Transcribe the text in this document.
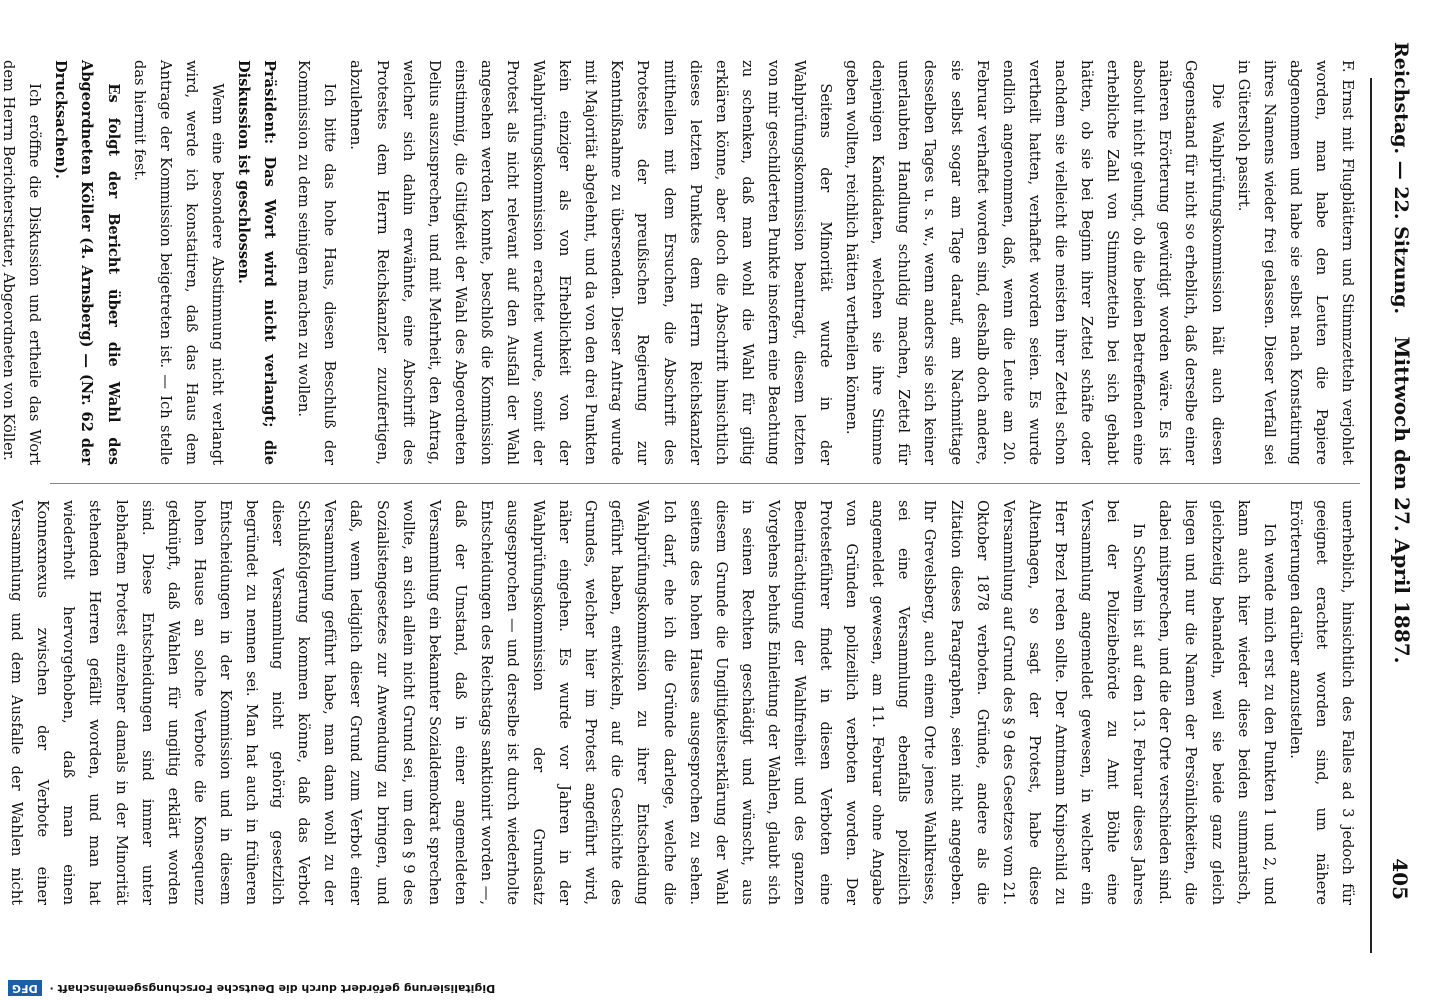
Reichstag. — 22. Sitzung.
Mittwoch den 27. April 1887.
405

F. Ernst mit Flugblättern und Stimmzetteln verjohlet worden, man habe den Leuten die Papiere abgenommen und habe sie selbst nach Konstatirung ihres Namens wieder frei gelassen. Dieser Verfall sei in Gütersloh passirt.

Die Wahlprüfungskommission hält auch diesen Gegenstand für nicht so erheblich, daß derselbe einer näheren Erörterung gewürdigt worden wäre. Es ist absolut nicht gelungt, ob die beiden Betreffenden eine erhebliche Zahl von Stimmzetteln bei sich gehabt hätten, ob sie bei Beginn ihrer Zettel schäfte oder nachdem sie vielleicht die meisten ihrer Zettel schon vertheilt hatten, verhaftet worden seien. Es wurde endlich angenommen, daß, wenn die Leute am 20. Februar verhaftet worden sind, deshalb doch andere, sie selbst sogar am Tage darauf, am Nachmittage desselben Tages u. s. w., wenn anders sie sich keiner unerlaubten Handlung schuldig machen, Zettel für denjenigen Kandidaten, welchen sie ihre Stimme geben wollten, reichlich hätten vertheilen können.

Seitens der Minorität wurde in der Wahlprüfungskommission beantragt, diesem letzten von mir geschilderten Punkte insofern eine Beachtung zu schenken, daß man wohl die Wahl für giltig erklären könne, aber doch die Abschrift hinsichtlich dieses letzten Punktes dem Herrn Reichskanzler mittheilen mit dem Ersuchen, die Abschrift des Protestes der preußischen Regierung zur Kenntnißnahme zu übersenden. Dieser Antrag wurde mit Majorität abgelehnt, und da von den drei Punkten kein einziger als von Erheblichkeit von der Wahlprüfungskommission erachtet wurde, somit der Protest als nicht relevant auf den Ausfall der Wahl angesehen werden konnte, beschloß die Kommission einstimmig, die Giltigkeit der Wahl des Abgeordneten Delius auszusprechen, und mit Mehrheit, den Antrag, welcher sich dahin erwähnte, eine Abschrift des Protestes dem Herrn Reichskanzler zuzufertigen, abzulehnen.

Ich bitte das hohe Haus, diesen Beschluß der Kommission zu dem seinigen machen zu wollen.

Präsident: Das Wort wird nicht verlangt; die Diskussion ist geschlossen.

Wenn eine besondere Abstimmung nicht verlangt wird, werde ich konstatiren, daß das Haus dem Antrage der Kommission beigetreten ist. — Ich stelle das hiermit fest.

Es folgt der Bericht über die Wahl des Abgeordneten Köller (4. Arnsberg) — (Nr. 62 der Drucksachen).

Ich eröffne die Diskussion und ertheile das Wort dem Herrn Berichterstatter, Abgeordneten von Köller.

unerheblich, hinsichtlich des Falles ad 3 jedoch für geeignet erachtet worden sind, um nähere Erörterungen darüber anzustellen.

Ich wende mich erst zu den Punkten 1 und 2, und kann auch hier wieder diese beiden summarisch, gleichzeitig behandeln, weil sie beide ganz gleich liegen und nur die Namen der Persönlichkeiten, die dabei mitsprechen, und die der Orte verschieden sind.

In Schwelm ist auf den 13. Februar dieses Jahres bei der Polizeibehörde zu Amt Böhle eine Versammlung angemeldet gewesen, in welcher ein Herr Brezl reden sollte. Der Amtmann Knipschild zu Altenhagen, so sagt der Protest, habe diese Versammlung auf Grund des § 9 des Gesetzes vom 21. Oktober 1878 verboten. Gründe, andere als die Zitation dieses Paragraphen, seien nicht angegeben. Ihr Grevelsberg, auch einem Orte jenes Wahlkreises, sei eine Versammlung ebenfalls polizeilich angemeldet gewesen, am 11. Februar ohne Angabe von Gründen polizeilich verboten worden. Der Protesteführer findet in diesen Verboten eine Beeinträchtigung der Wahlfreiheit und des ganzen Vorgehens behufs Einleitung der Wahlen, glaubt sich in seinen Rechten geschädigt und wünscht, aus diesem Grunde die Ungiltigkeitserklärung der Wahl seitens des hohen Hauses ausgesprochen zu sehen. Ich darf, ehe ich die Gründe darlege, welche die Wahlprüfungskommission zu ihrer Entscheidung geführt haben, entwickeln, auf die Geschichte des Grundes, welcher hier im Protest angeführt wird, näher eingehen. Es wurde vor Jahren in der Wahlprüfungskommission der Grundsatz ausgesprochen — und derselbe ist durch wiederholte Entscheidungen des Reichstags sanktionirt worden —, daß der Umstand, daß in einer angemeldeten Versammlung ein bekannter Sozialdemokrat sprechen wollte, an sich allein nicht Grund sei, um den § 9 des Sozialistengesetzes zur Anwendung zu bringen, und daß, wenn lediglich dieser Grund zum Verbot einer Versammlung geführt habe, man dann wohl zu der Schlußfolgerung kommen könne, daß das Verbot dieser Versammlung nicht gehörig gesetzlich begründet zu nennen sei. Man hat auch in früheren Entscheidungen in der Kommission und in diesem hohen Hause an solche Verbote die Konsequenz geknüpft, daß Wahlen für ungiltig erklärt worden sind. Diese Entscheidungen sind immer unter lebhaftem Protest einzelner damals in der Minorität stehenden Herren gefällt worden, und man hat wiederholt hervorgehoben, daß man einen Konnexnexus zwischen der Verbote einer Versammlung und dem Ausfalle der Wahlen nicht

Digitalisierung gefördert durch die Deutsche Forschungsgemeinschaft · DFG
